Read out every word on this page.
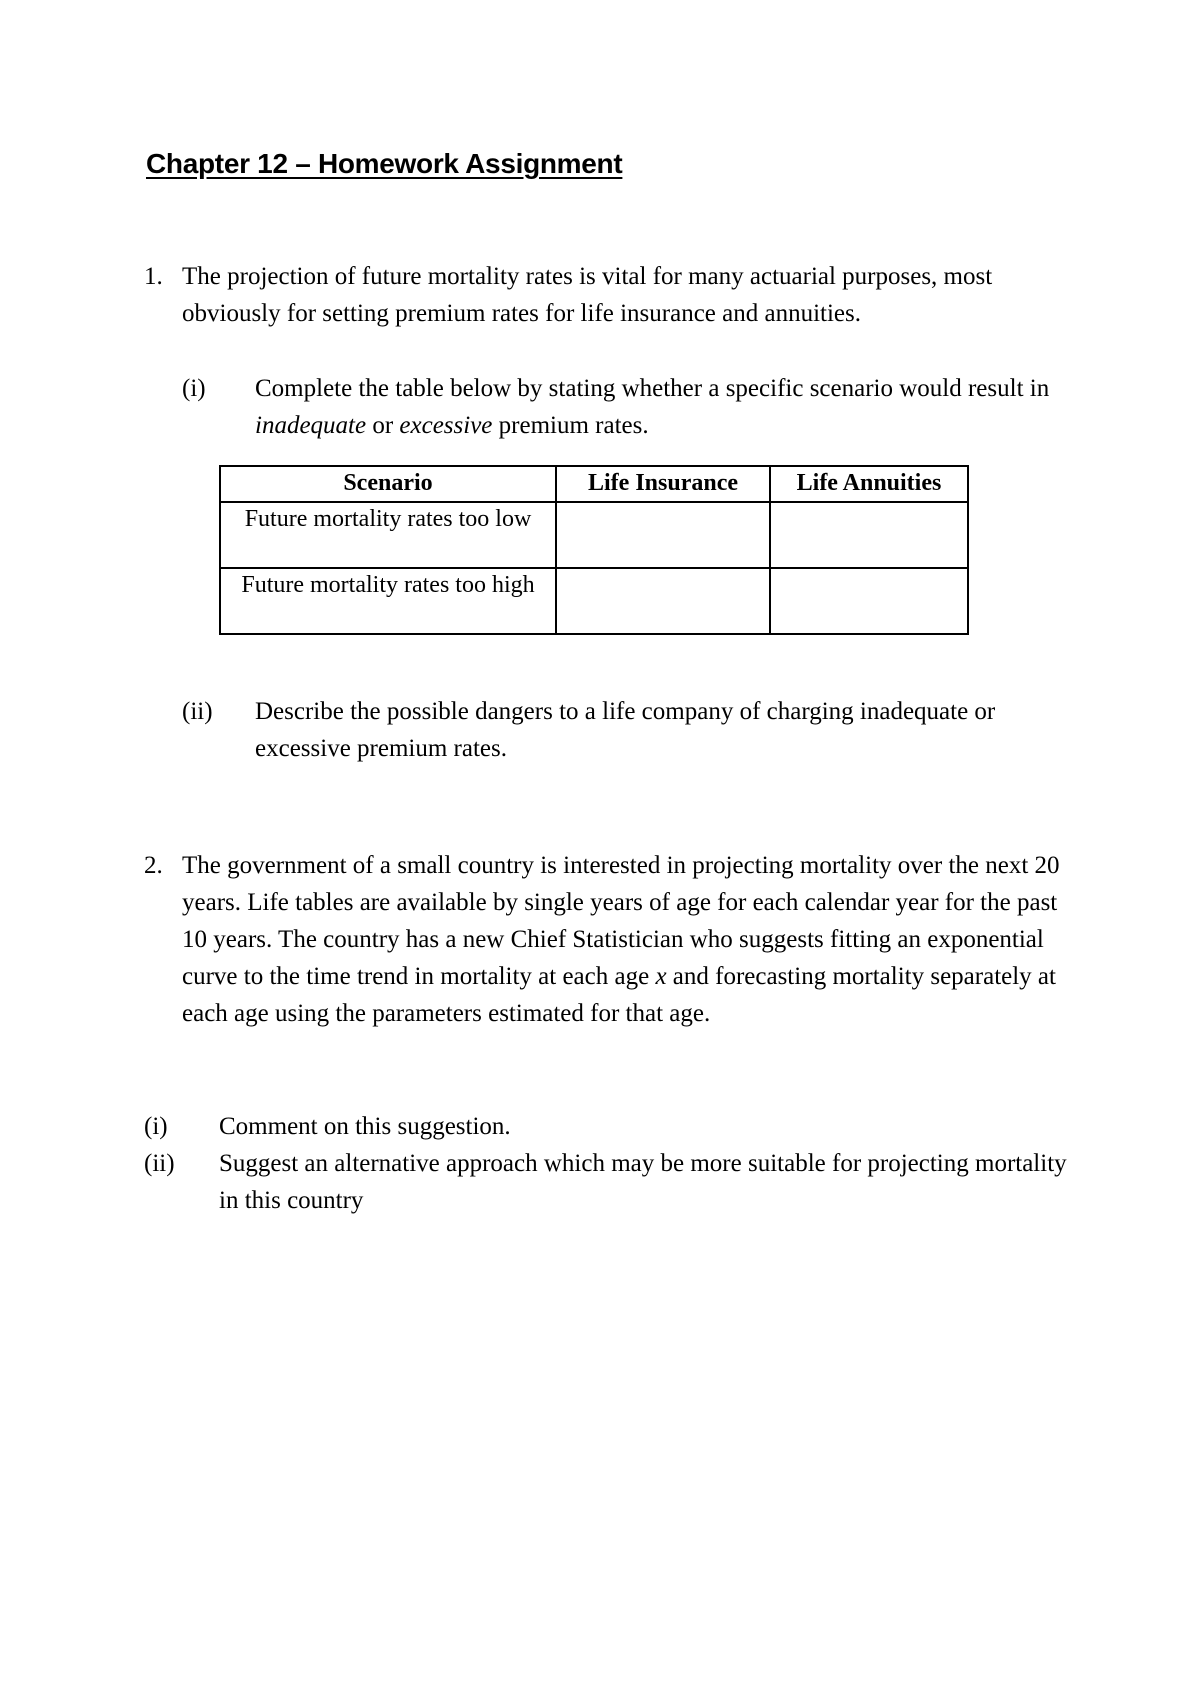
Chapter 12 – Homework Assignment
1. The projection of future mortality rates is vital for many actuarial purposes, most obviously for setting premium rates for life insurance and annuities.

(i) Complete the table below by stating whether a specific scenario would result in inadequate or excessive premium rates.

Scenario	Life Insurance	Life Annuities
Future mortality rates too low		
Future mortality rates too high		
(ii) Describe the possible dangers to a life company of charging inadequate or excessive premium rates.

2. The government of a small country is interested in projecting mortality over the next 20 years. Life tables are available by single years of age for each calendar year for the past 10 years. The country has a new Chief Statistician who suggests fitting an exponential curve to the time trend in mortality at each age x and forecasting mortality separately at each age using the parameters estimated for that age.

(i) Comment on this suggestion.

(ii) Suggest an alternative approach which may be more suitable for projecting mortality in this country
